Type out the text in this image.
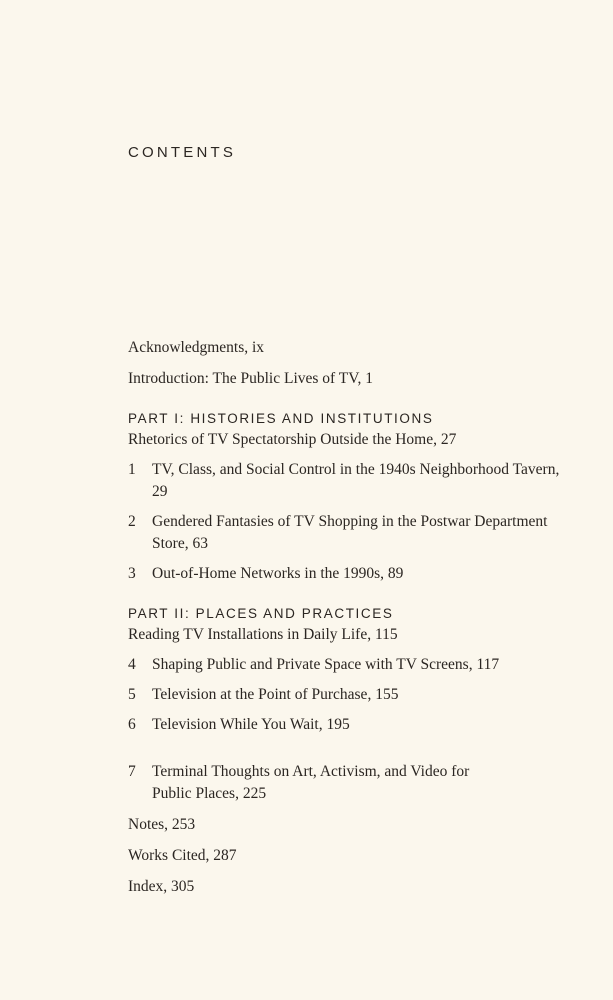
CONTENTS

Acknowledgments, ix

Introduction: The Public Lives of TV, 1

PART I: HISTORIES AND INSTITUTIONS

Rhetorics of TV Spectatorship Outside the Home, 27

1	TV, Class, and Social Control in the 1940s Neighborhood Tavern, 29
2	Gendered Fantasies of TV Shopping in the Postwar Department Store, 63
3	Out-of-Home Networks in the 1990s, 89

PART II: PLACES AND PRACTICES

Reading TV Installations in Daily Life, 115

4	Shaping Public and Private Space with TV Screens, 117
5	Television at the Point of Purchase, 155
6	Television While You Wait, 195
7	Terminal Thoughts on Art, Activism, and Video for Public Places, 225

Notes, 253

Works Cited, 287

Index, 305
